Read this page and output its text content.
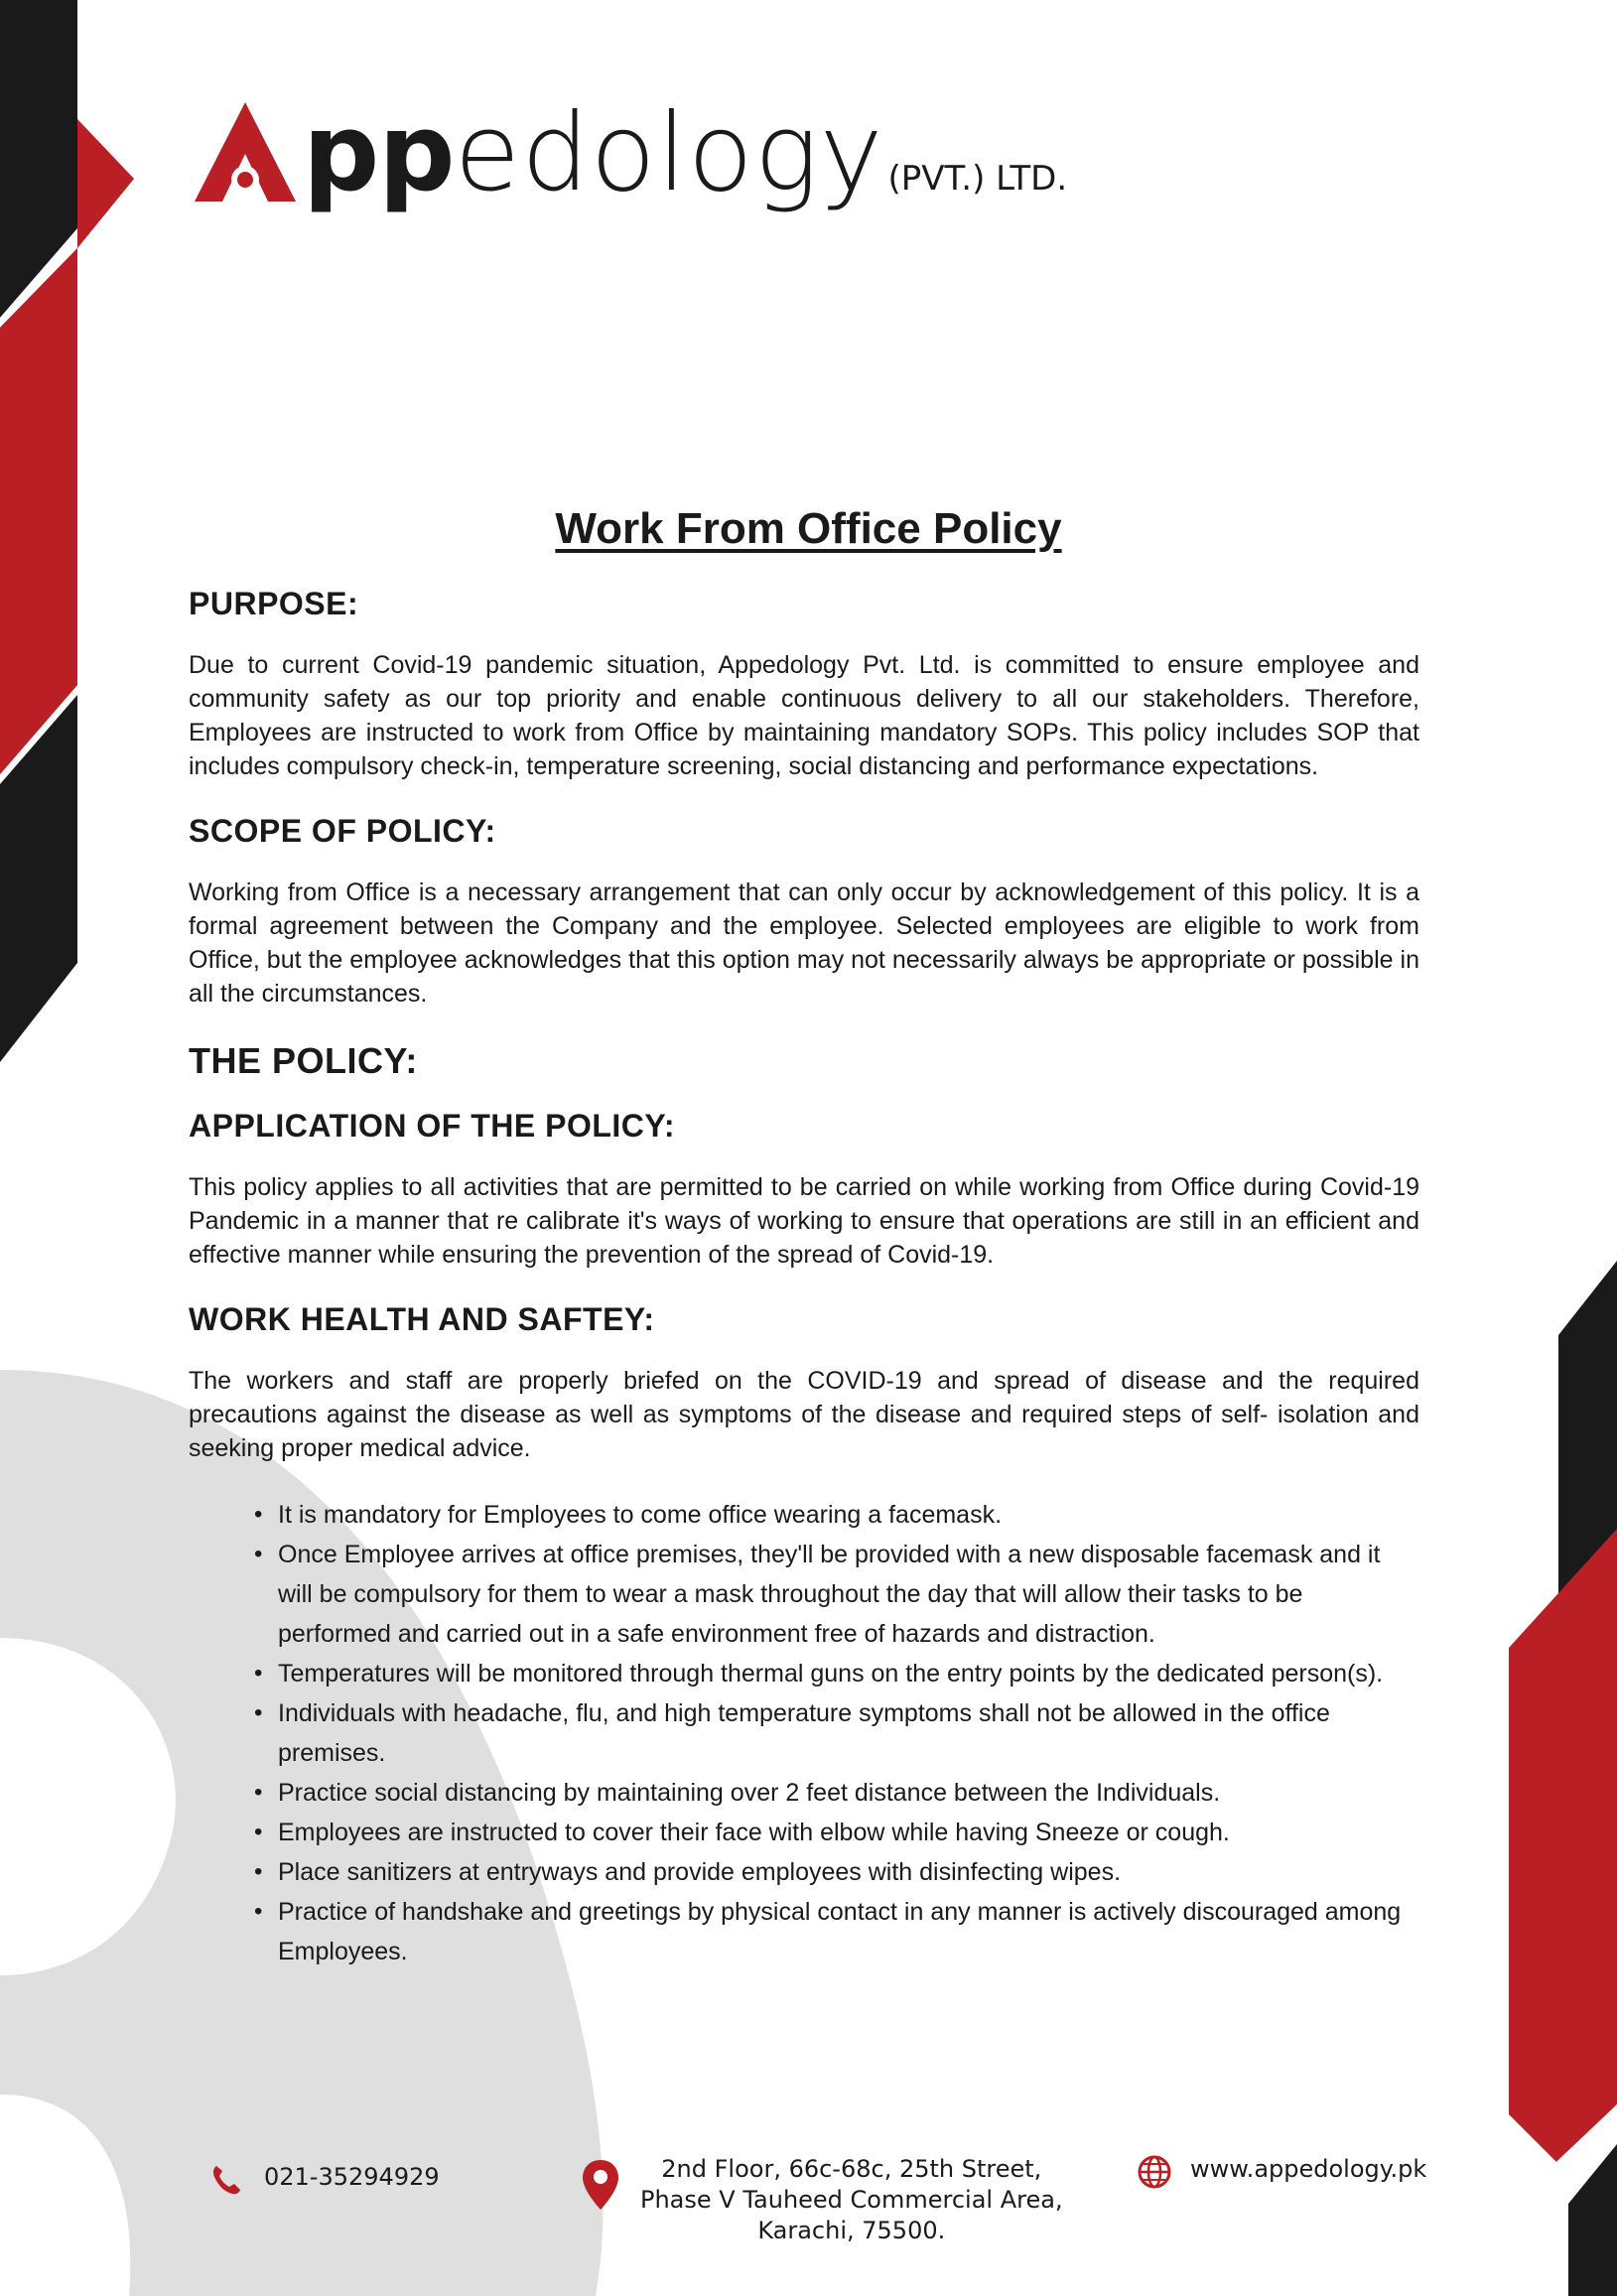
ppedology (PVT.) LTD.
Work From Office Policy
PURPOSE:

Due to current Covid-19 pandemic situation, Appedology Pvt. Ltd. is committed to ensure employee and community safety as our top priority and enable continuous delivery to all our stakeholders. Therefore, Employees are instructed to work from Office by maintaining mandatory SOPs. This policy includes SOP that includes compulsory check-in, temperature screening, social distancing and performance expectations.

SCOPE OF POLICY:

Working from Office is a necessary arrangement that can only occur by acknowledgement of this policy. It is a formal agreement between the Company and the employee. Selected employees are eligible to work from Office, but the employee acknowledges that this option may not necessarily always be appropriate or possible in all the circumstances.

THE POLICY:
APPLICATION OF THE POLICY:

This policy applies to all activities that are permitted to be carried on while working from Office during Covid-19 Pandemic in a manner that re calibrate it's ways of working to ensure that operations are still in an efficient and effective manner while ensuring the prevention of the spread of Covid-19.

WORK HEALTH AND SAFTEY:

The workers and staff are properly briefed on the COVID-19 and spread of disease and the required precautions against the disease as well as symptoms of the disease and required steps of self- isolation and seeking proper medical advice.

• It is mandatory for Employees to come office wearing a facemask.
• Once Employee arrives at office premises, they'll be provided with a new disposable facemask and it will be compulsory for them to wear a mask throughout the day that will allow their tasks to be performed and carried out in a safe environment free of hazards and distraction.
• Temperatures will be monitored through thermal guns on the entry points by the dedicated person(s).
• Individuals with headache, flu, and high temperature symptoms shall not be allowed in the office premises.
• Practice social distancing by maintaining over 2 feet distance between the Individuals.
• Employees are instructed to cover their face with elbow while having Sneeze or cough.
• Place sanitizers at entryways and provide employees with disinfecting wipes.
• Practice of handshake and greetings by physical contact in any manner is actively discouraged among Employees.
021-35294929	2nd Floor, 66c-68c, 25th Street,
Phase V Tauheed Commercial Area,
Karachi, 75500.
www.appedology.pk
